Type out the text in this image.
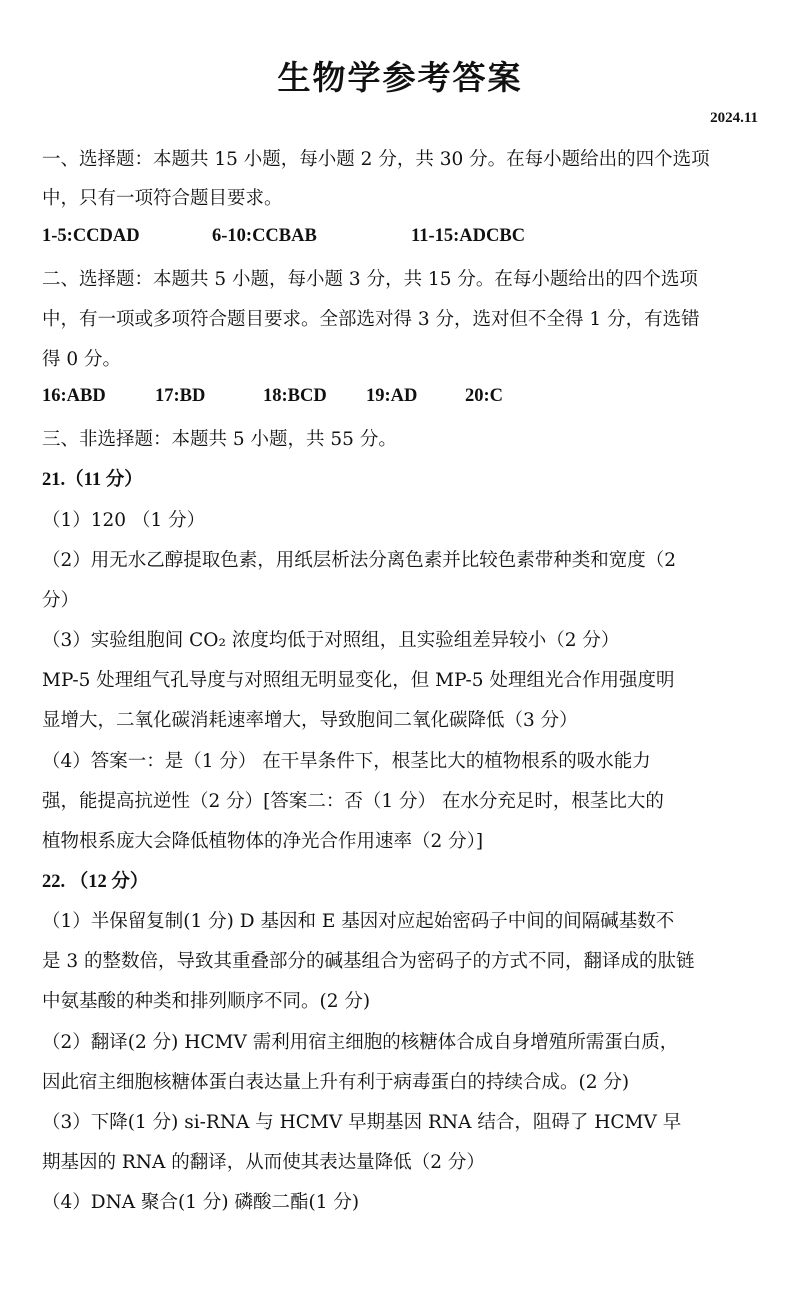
生物学参考答案
2024.11
一、选择题：本题共 15 小题，每小题 2 分，共 30 分。在每小题给出的四个选项
中，只有一项符合题目要求。
1-5:CCDAD	6-10:CCBAB	11-15:ADCBC
二、选择题：本题共 5 小题，每小题 3 分，共 15 分。在每小题给出的四个选项
中，有一项或多项符合题目要求。全部选对得 3 分，选对但不全得 1 分，有选错
得 0 分。
16:ABD	17:BD	18:BCD 19:AD	20:C
三、非选择题：本题共 5 小题，共 55 分。
21.（11 分）
（1）120 （1 分）
（2）用无水乙醇提取色素，用纸层析法分离色素并比较色素带种类和宽度（2
分）
（3）实验组胞间 CO₂ 浓度均低于对照组，且实验组差异较小（2 分）
MP-5 处理组气孔导度与对照组无明显变化，但 MP-5 处理组光合作用强度明
显增大，二氧化碳消耗速率增大，导致胞间二氧化碳降低（3 分）
（4）答案一：是（1 分） 在干旱条件下，根茎比大的植物根系的吸水能力
强，能提高抗逆性（2 分）[答案二：否（1 分） 在水分充足时，根茎比大的
植物根系庞大会降低植物体的净光合作用速率（2 分）]
22. （12 分）
（1）半保留复制(1 分) D 基因和 E 基因对应起始密码子中间的间隔碱基数不
是 3 的整数倍，导致其重叠部分的碱基组合为密码子的方式不同，翻译成的肽链
中氨基酸的种类和排列顺序不同。(2 分)
（2）翻译(2 分) HCMV 需利用宿主细胞的核糖体合成自身增殖所需蛋白质，
因此宿主细胞核糖体蛋白表达量上升有利于病毒蛋白的持续合成。(2 分)
（3）下降(1 分) si-RNA 与 HCMV 早期基因 RNA 结合，阻碍了 HCMV 早
期基因的 RNA 的翻译，从而使其表达量降低（2 分）
（4）DNA 聚合(1 分) 磷酸二酯(1 分)
